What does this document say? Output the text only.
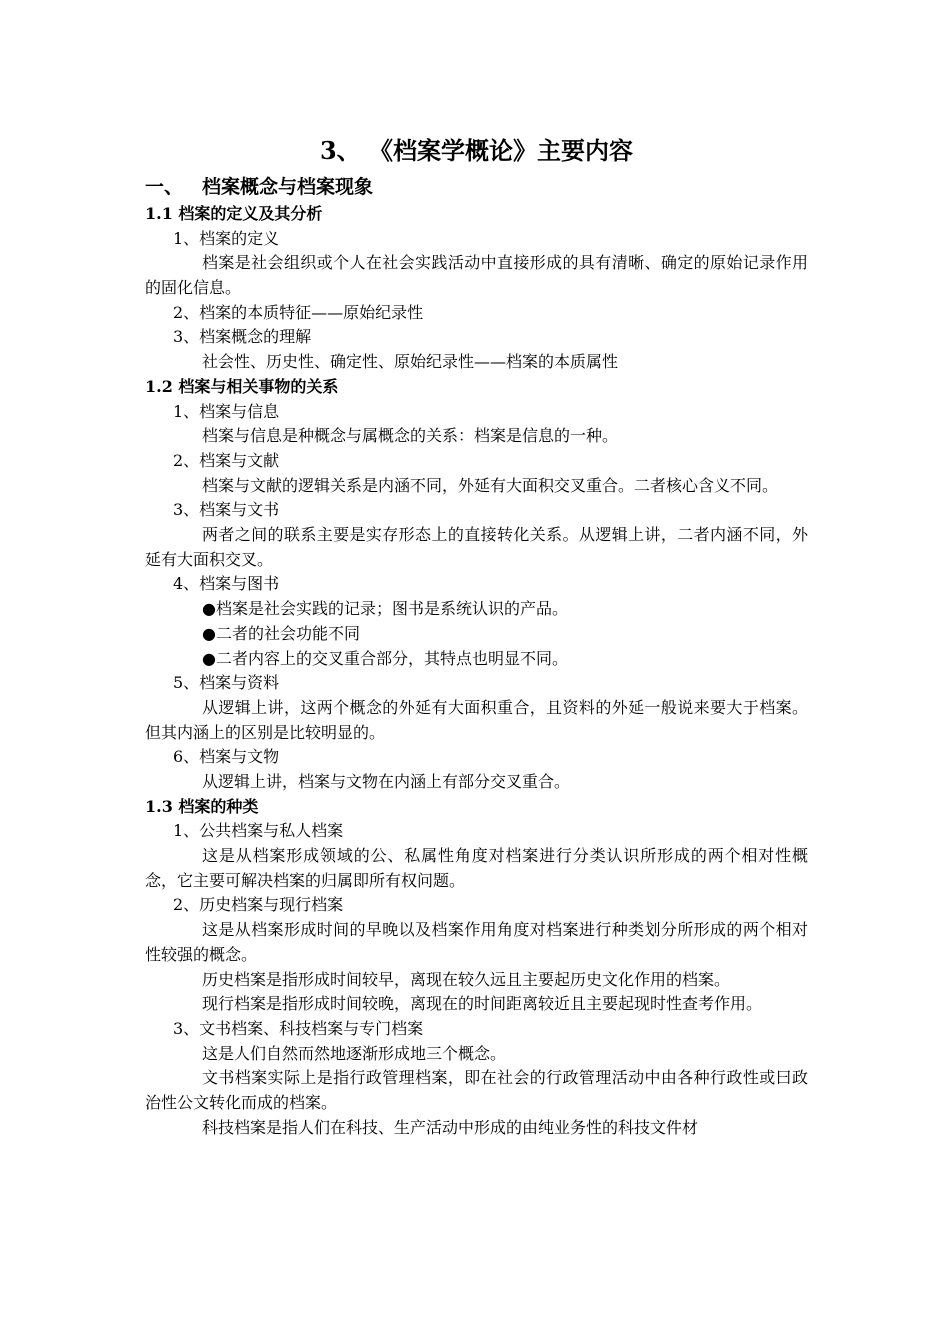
3、 《档案学概论》主要内容
一、 档案概念与档案现象
1.1 档案的定义及其分析
1、档案的定义
档案是社会组织或个人在社会实践活动中直接形成的具有清晰、确定的原始记录作用的固化信息。
2、档案的本质特征——原始纪录性
3、档案概念的理解
社会性、历史性、确定性、原始纪录性——档案的本质属性
1.2 档案与相关事物的关系
1、档案与信息
档案与信息是种概念与属概念的关系：档案是信息的一种。
2、档案与文献
档案与文献的逻辑关系是内涵不同，外延有大面积交叉重合。二者核心含义不同。
3、档案与文书
两者之间的联系主要是实存形态上的直接转化关系。从逻辑上讲，二者内涵不同，外延有大面积交叉。
4、档案与图书
●档案是社会实践的记录；图书是系统认识的产品。
●二者的社会功能不同
●二者内容上的交叉重合部分，其特点也明显不同。
5、档案与资料
从逻辑上讲，这两个概念的外延有大面积重合，且资料的外延一般说来要大于档案。但其内涵上的区别是比较明显的。
6、档案与文物
从逻辑上讲，档案与文物在内涵上有部分交叉重合。
1.3 档案的种类
1、公共档案与私人档案
这是从档案形成领域的公、私属性角度对档案进行分类认识所形成的两个相对性概念，它主要可解决档案的归属即所有权问题。
2、历史档案与现行档案
这是从档案形成时间的早晚以及档案作用角度对档案进行种类划分所形成的两个相对性较强的概念。
历史档案是指形成时间较早，离现在较久远且主要起历史文化作用的档案。
现行档案是指形成时间较晚，离现在的时间距离较近且主要起现时性查考作用。
3、文书档案、科技档案与专门档案
这是人们自然而然地逐渐形成地三个概念。
文书档案实际上是指行政管理档案，即在社会的行政管理活动中由各种行政性或曰政治性公文转化而成的档案。
科技档案是指人们在科技、生产活动中形成的由纯业务性的科技文件材
